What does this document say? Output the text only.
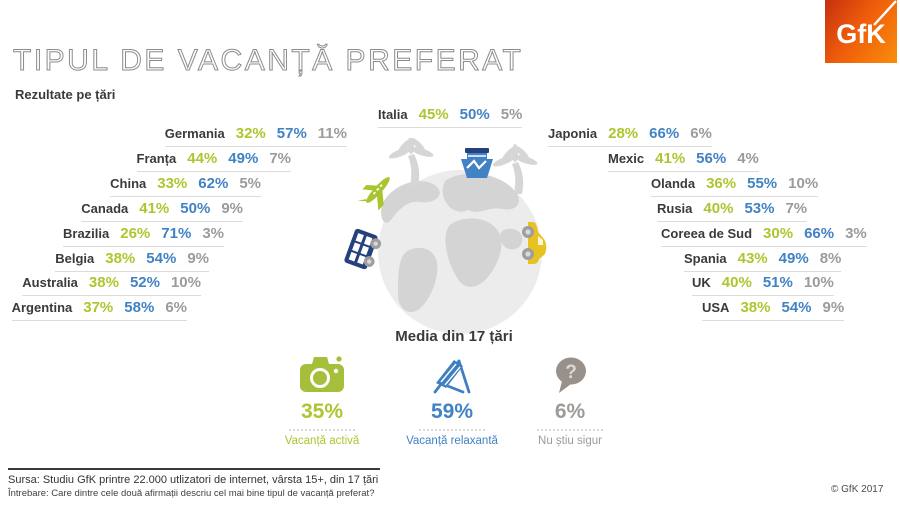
TIPUL DE VACANȚĂ PREFERAT
Rezultate pe țări
GfK
Italia 45% 50% 5%
Germania 32% 57% 11%
Franța 44% 49% 7%
China 33% 62% 5%
Canada 41% 50% 9%
Brazilia 26% 71% 3%
Belgia 38% 54% 9%
Australia 38% 52% 10%
Argentina 37% 58% 6%
Japonia 28% 66% 6%
Mexic 41% 56% 4%
Olanda 36% 55% 10%
Rusia 40% 53% 7%
Coreea de Sud 30% 66% 3%
Spania 43% 49% 8%
UK 40% 51% 10%
USA 38% 54% 9%
Media din 17 țări
35%
Vacanță activă
59%
Vacanță relaxantă
?
6%
Nu știu sigur
Sursa: Studiu GfK printre 22.000 utlizatori de internet, vârsta 15+, din 17 țări
Întrebare: Care dintre cele două afirmații descriu cel mai bine tipul de vacanță preferat?	© GfK 2017
